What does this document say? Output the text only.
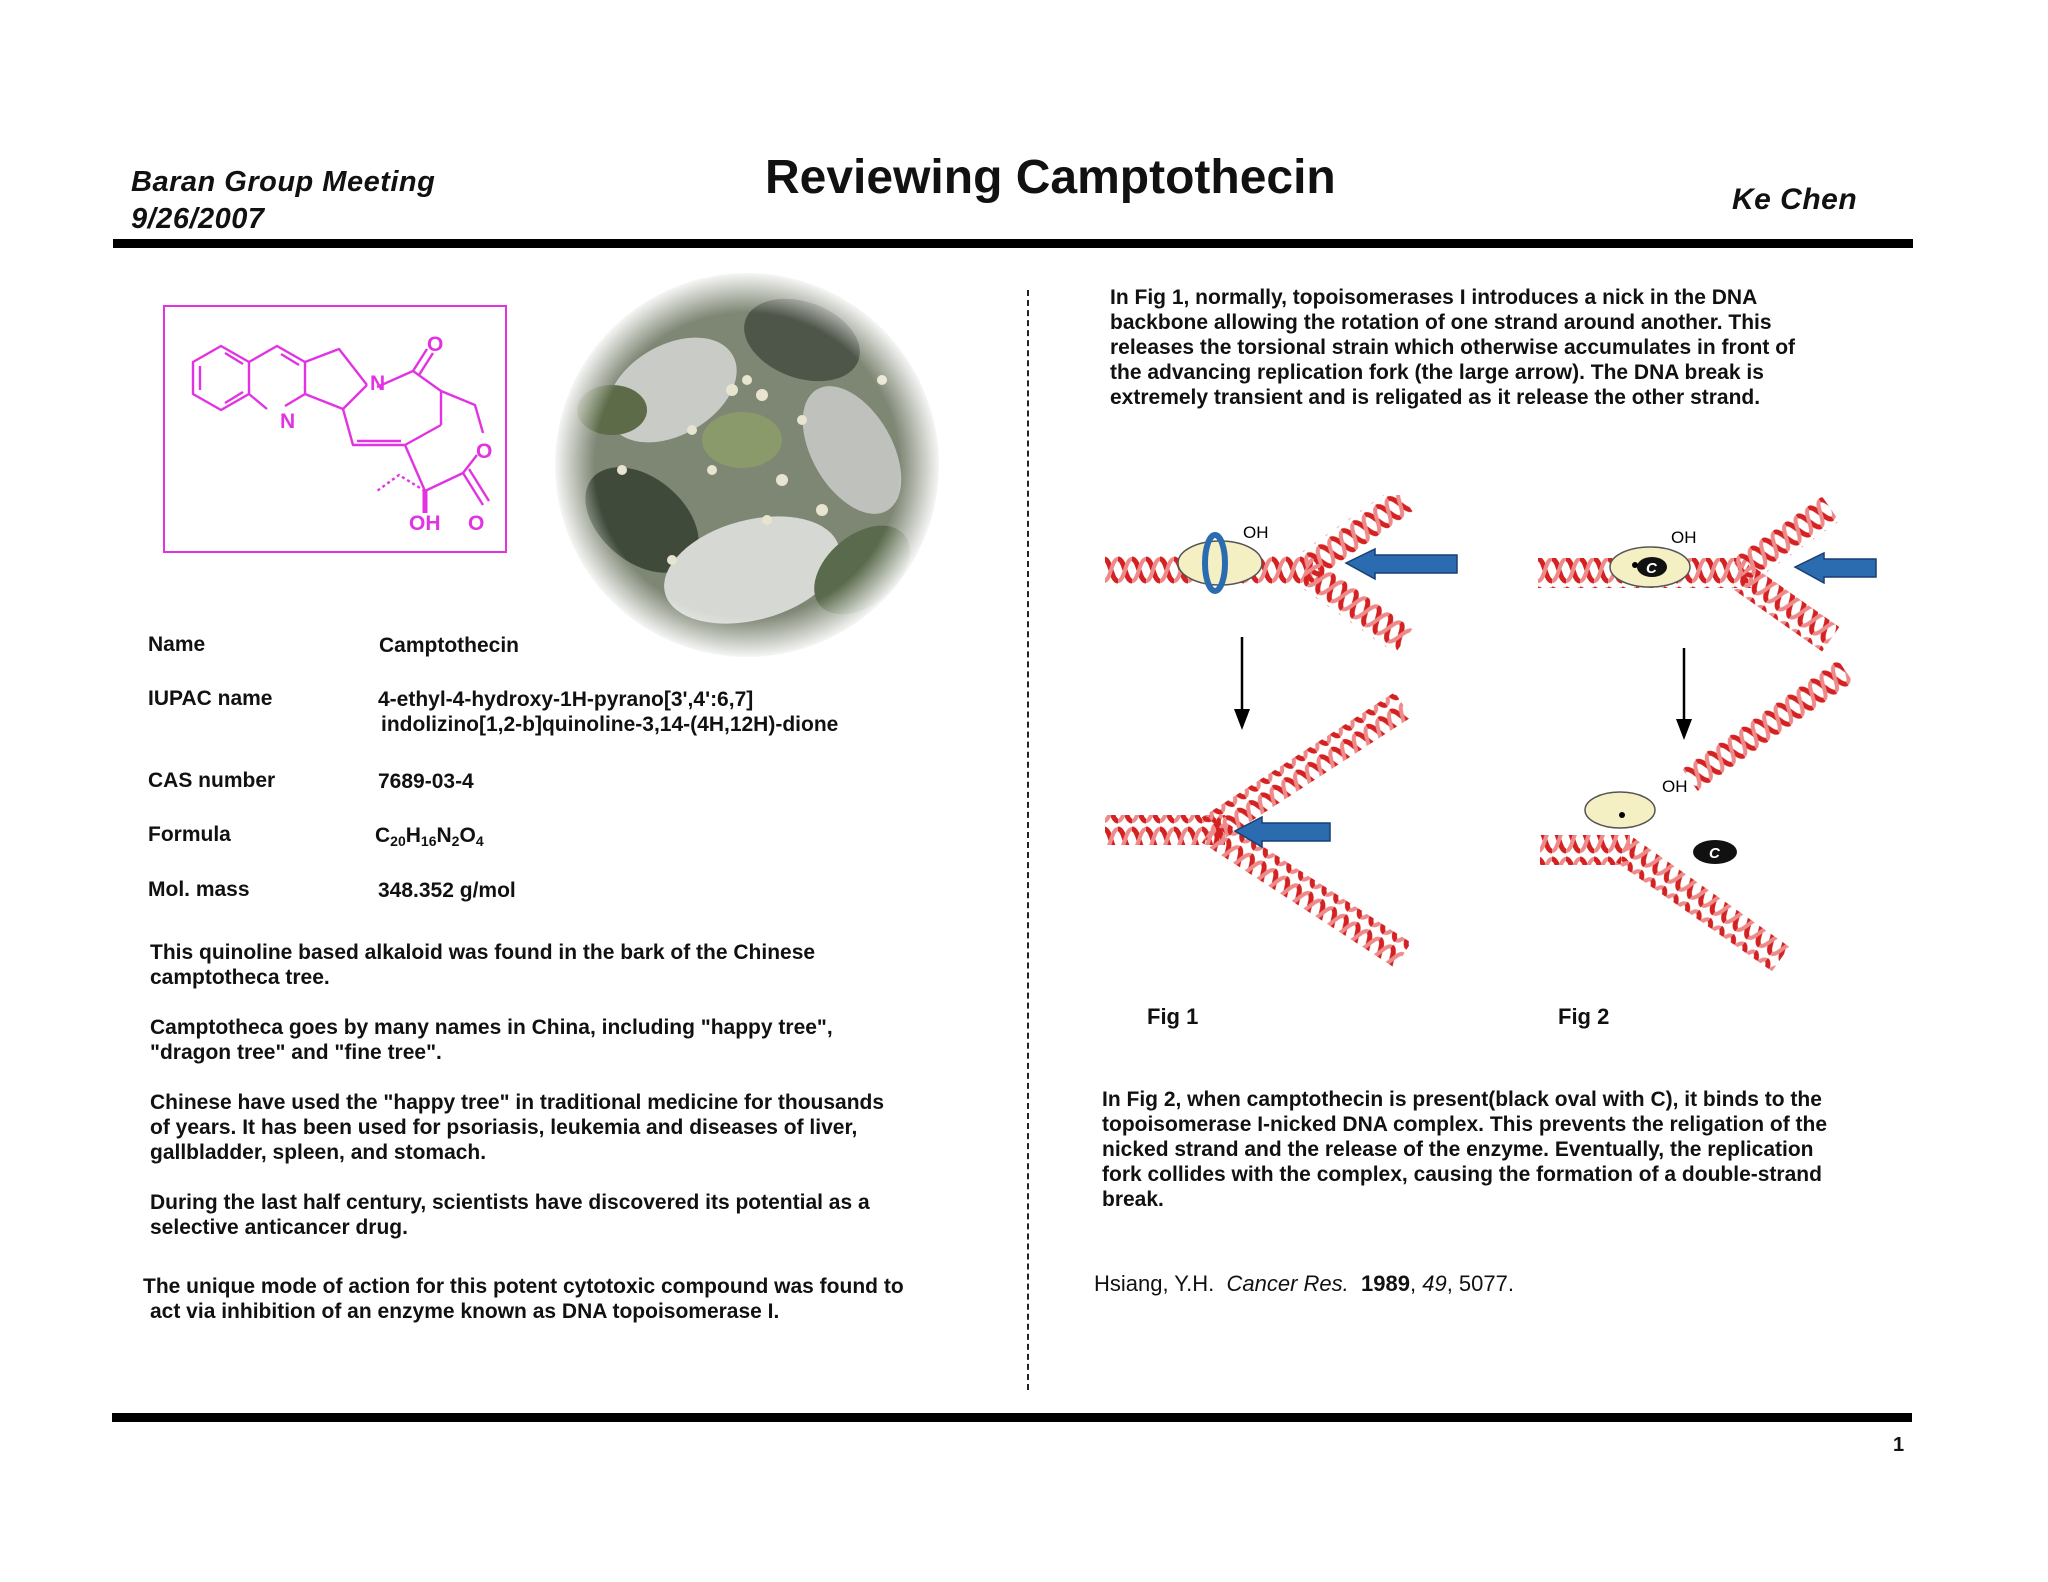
Baran Group Meeting
9/26/2007
Reviewing Camptothecin	Ke Chen
N
N
O
O
O
OH
Name	Camptothecin
IUPAC name	4-ethyl-4-hydroxy-1H-pyrano[3',4':6,7]
indolizino[1,2-b]quinoline-3,14-(4H,12H)-dione
CAS number	7689-03-4
Formula	$C_{20}H_{16}N_2O_4$
Mol. mass	348.352 g/mol
This quinoline based alkaloid was found in the bark of the Chinese
camptotheca tree.
Camptotheca goes by many names in China, including "happy tree",
"dragon tree" and "fine tree".
Chinese have used the "happy tree" in traditional medicine for thousands
of years. It has been used for psoriasis, leukemia and diseases of liver,
gallbladder, spleen, and stomach.
During the last half century, scientists have discovered its potential as a
selective anticancer drug.
The unique mode of action for this potent cytotoxic compound was found to
act via inhibition of an enzyme known as DNA topoisomerase I.
In Fig 1, normally, topoisomerases I introduces a nick in the DNA
backbone allowing the rotation of one strand around another. This
releases the torsional strain which otherwise accumulates in front of
the advancing replication fork (the large arrow). The DNA break is
extremely transient and is religated as it release the other strand.
OH
C
OH
OH
C
Fig 1	Fig 2
In Fig 2, when camptothecin is present(black oval with C), it binds to the
topoisomerase I-nicked DNA complex. This prevents the religation of the
nicked strand and the release of the enzyme. Eventually, the replication
fork collides with the complex, causing the formation of a double-strand
break.
Hsiang, Y.H. Cancer Res. 1989, 49, 5077.
1
